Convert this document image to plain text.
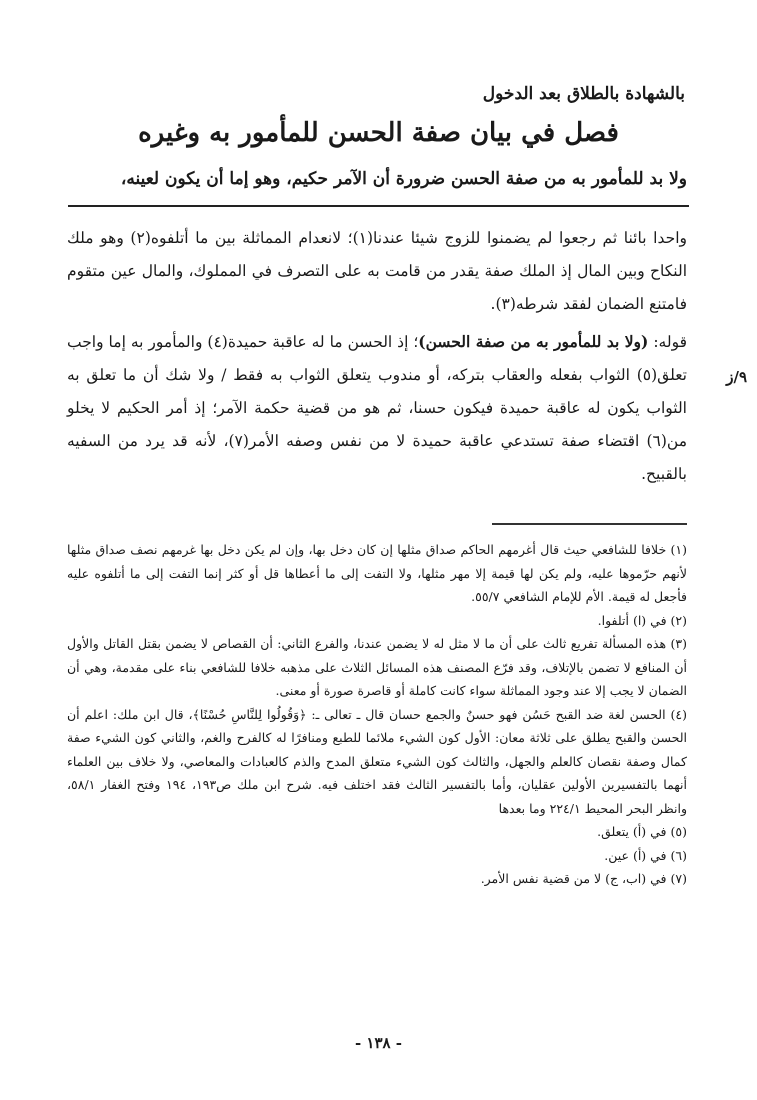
بالشهادة بالطلاق بعد الدخول
فصل في بيان صفة الحسن للمأمور به وغيره
ولا بد للمأمور به من صفة الحسن ضرورة أن الآمر حكيم، وهو إما أن يكون لعينه،
٩/ز

واحدا بائنا ثم رجعوا لم يضمنوا للزوج شيئا عندنا(١)؛ لانعدام المماثلة بين ما أتلفوه(٢) وهو ملك النكاح وبين المال إذ الملك صفة يقدر من قامت به على التصرف في المملوك، والمال عين متقوم فامتنع الضمان لفقد شرطه(٣).

قوله: (ولا بد للمأمور به من صفة الحسن)؛ إذ الحسن ما له عاقبة حميدة(٤) والمأمور به إما واجب تعلق(٥) الثواب بفعله والعقاب بتركه، أو مندوب يتعلق الثواب به فقط / ولا شك أن ما تعلق به الثواب يكون له عاقبة حميدة فيكون حسنا، ثم هو من قضية حكمة الآمر؛ إذ أمر الحكيم لا يخلو من(٦) اقتضاء صفة تستدعي عاقبة حميدة لا من نفس وصفه الأمر(٧)، لأنه قد يرد من السفيه بالقبيح.

(١) خلافا للشافعي حيث قال أغرمهم الحاكم صداق مثلها إن كان دخل بها، وإن لم يكن دخل بها غرمهم نصف صداق مثلها لأنهم حرّموها عليه، ولم يكن لها قيمة إلا مهر مثلها، ولا التفت إلى ما أعطاها قل أو كثر إنما التفت إلى ما أتلفوه عليه فأجعل له قيمة. الأم للإمام الشافعي ٥٥/٧.

(٢) في (ا) أتلفوا.

(٣) هذه المسألة تفريع ثالث على أن ما لا مثل له لا يضمن عندنا، والفرع الثاني: أن القصاص لا يضمن بقتل القاتل والأول أن المنافع لا تضمن بالإتلاف، وقد فرّع المصنف هذه المسائل الثلاث على مذهبه خلافا للشافعي بناء على مقدمة، وهي أن الضمان لا يجب إلا عند وجود المماثلة سواء كانت كاملة أو قاصرة صورة أو معنى.

(٤) الحسن لغة ضد القبح حَسُن فهو حسنٌ والجمع حسان قال ـ تعالى ـ: ﴿وَقُولُوا لِلنَّاسِ حُسْنًا﴾، قال ابن ملك: اعلم أن الحسن والقبح يطلق على ثلاثة معان: الأول كون الشيء ملائما للطبع ومنافرًا له كالفرح والغم، والثاني كون الشيء صفة كمال وصفة نقصان كالعلم والجهل، والثالث كون الشيء متعلق المدح والذم كالعبادات والمعاصي، ولا خلاف بين العلماء أنهما بالتفسيرين الأولين عقليان، وأما بالتفسير الثالث فقد اختلف فيه. شرح ابن ملك ص١٩٣، ١٩٤ وفتح الغفار ٥٨/١، وانظر البحر المحيط ٢٢٤/١ وما بعدها

(٥) في (أ) يتعلق.

(٦) في (أ) عين.

(٧) في (اب، ج) لا من قضية نفس الأمر.

- ١٣٨ -
